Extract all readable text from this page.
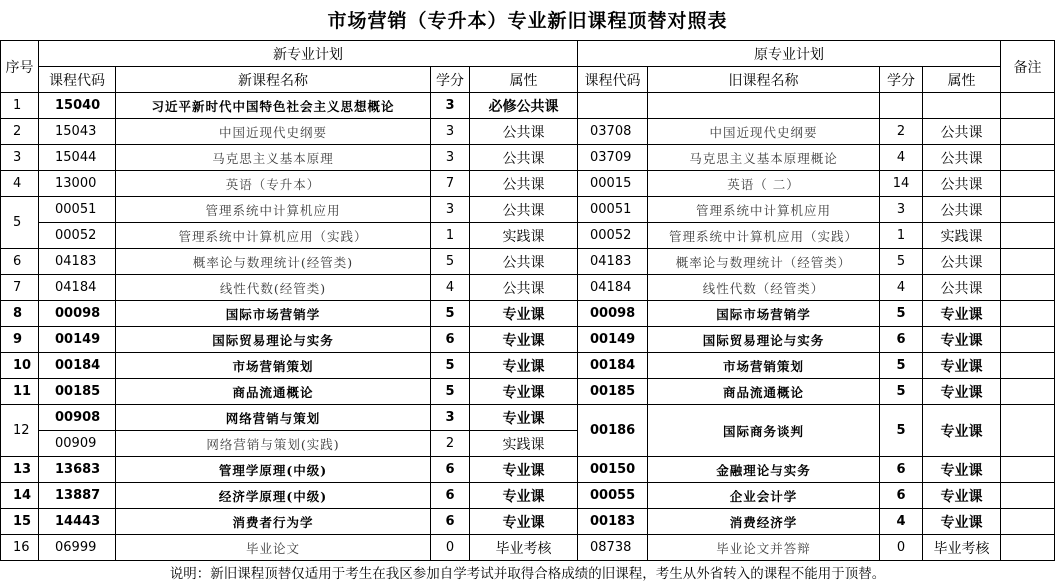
市场营销（专升本）专业新旧课程顶替对照表
序号	新专业计划				原专业计划				备注
	课程代码	新课程名称	学分	属性	课程代码	旧课程名称	学分	属性	
1	15040	习近平新时代中国特色社会主义思想概论	3	必修公共课					
2	15043	中国近现代史纲要	3	公共课	03708	中国近现代史纲要	2	公共课	
3	15044	马克思主义基本原理	3	公共课	03709	马克思主义基本原理概论	4	公共课	
4	13000	英语（专升本）	7	公共课	00015	英语（ 二）	14	公共课	
5	00051	管理系统中计算机应用	3	公共课	00051	管理系统中计算机应用	3	公共课	
	00052	管理系统中计算机应用（实践）	1	实践课	00052	管理系统中计算机应用（实践）	1	实践课	
6	04183	概率论与数理统计(经管类)	5	公共课	04183	概率论与数理统计（经管类）	5	公共课	
7	04184	线性代数(经管类)	4	公共课	04184	线性代数（经管类）	4	公共课	
8	00098	国际市场营销学	5	专业课	00098	国际市场营销学	5	专业课	
9	00149	国际贸易理论与实务	6	专业课	00149	国际贸易理论与实务	6	专业课	
10	00184	市场营销策划	5	专业课	00184	市场营销策划	5	专业课	
11	00185	商品流通概论	5	专业课	00185	商品流通概论	5	专业课	
12	00908	网络营销与策划	3	专业课	00186	国际商务谈判	5	专业课	
	00909	网络营销与策划(实践)	2	实践课					
13	13683	管理学原理(中级)	6	专业课	00150	金融理论与实务	6	专业课	
14	13887	经济学原理(中级)	6	专业课	00055	企业会计学	6	专业课	
15	14443	消费者行为学	6	专业课	00183	消费经济学	4	专业课	
16	06999	毕业论文	0	毕业考核	08738	毕业论文并答辩	0	毕业考核	
说明：新旧课程顶替仅适用于考生在我区参加自学考试并取得合格成绩的旧课程，考生从外省转入的课程不能用于顶替。
